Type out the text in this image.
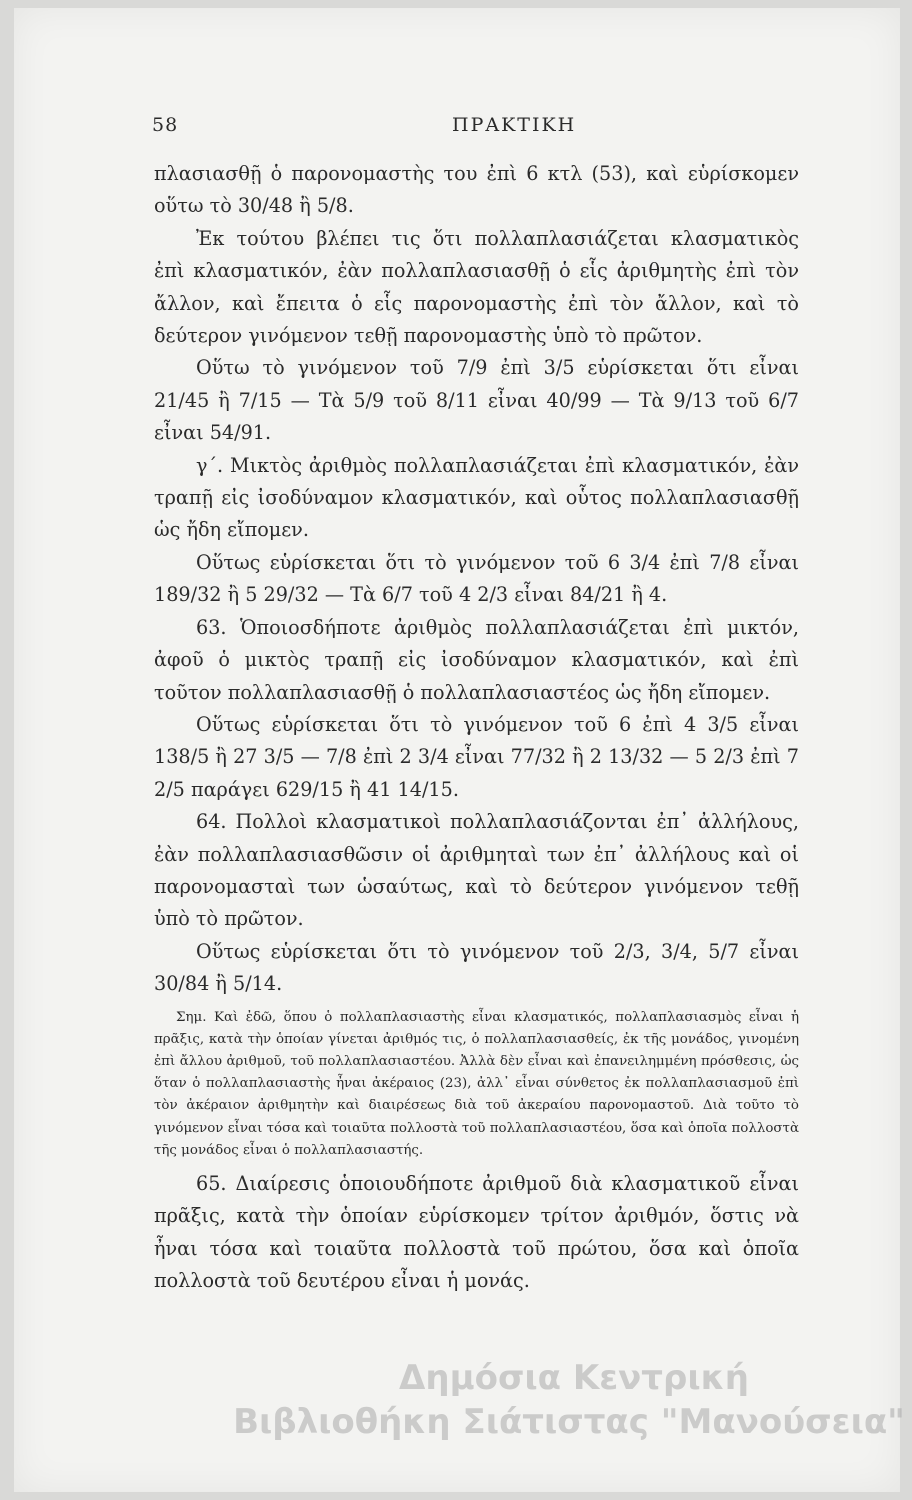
58	ΠΡΑΚΤΙΚΗ

πλασιασθῇ ὁ παρονομαστὴς του ἐπὶ 6 κτλ (53), καὶ εὑρίσκομεν οὕτω τὸ 30/48 ἢ 5/8.

Ἐκ τούτου βλέπει τις ὅτι πολλαπλασιάζεται κλασματικὸς ἐπὶ κλασματικόν, ἐὰν πολλαπλασιασθῇ ὁ εἷς ἀριθμητὴς ἐπὶ τὸν ἄλλον, καὶ ἔπειτα ὁ εἷς παρονομαστὴς ἐπὶ τὸν ἄλλον, καὶ τὸ δεύτερον γινόμενον τεθῇ παρονομαστὴς ὑπὸ τὸ πρῶτον.

Οὕτω τὸ γινόμενον τοῦ 7/9 ἐπὶ 3/5 εὑρίσκεται ὅτι εἶναι 21/45 ἢ 7/15 — Τὰ 5/9 τοῦ 8/11 εἶναι 40/99 — Τὰ 9/13 τοῦ 6/7 εἶναι 54/91.

γ΄. Μικτὸς ἀριθμὸς πολλαπλασιάζεται ἐπὶ κλασματικόν, ἐὰν τραπῇ εἰς ἰσοδύναμον κλασματικόν, καὶ οὗτος πολλαπλασιασθῇ ὡς ἤδη εἴπομεν.

Οὕτως εὑρίσκεται ὅτι τὸ γινόμενον τοῦ 6 3/4 ἐπὶ 7/8 εἶναι 189/32 ἢ 5 29/32 — Τὰ 6/7 τοῦ 4 2/3 εἶναι 84/21 ἢ 4.

63. Ὁποιοσδήποτε ἀριθμὸς πολλαπλασιάζεται ἐπὶ μικτόν, ἀφοῦ ὁ μικτὸς τραπῇ εἰς ἰσοδύναμον κλασματικόν, καὶ ἐπὶ τοῦτον πολλαπλασιασθῇ ὁ πολλαπλασιαστέος ὡς ἤδη εἴπομεν.

Οὕτως εὑρίσκεται ὅτι τὸ γινόμενον τοῦ 6 ἐπὶ 4 3/5 εἶναι 138/5 ἢ 27 3/5 — 7/8 ἐπὶ 2 3/4 εἶναι 77/32 ἢ 2 13/32 — 5 2/3 ἐπὶ 7 2/5 παράγει 629/15 ἢ 41 14/15.

64. Πολλοὶ κλασματικοὶ πολλαπλασιάζονται ἐπ᾽ ἀλλήλους, ἐὰν πολλαπλασιασθῶσιν οἱ ἀριθμηταὶ των ἐπ᾽ ἀλλήλους καὶ οἱ παρονομασταὶ των ὡσαύτως, καὶ τὸ δεύτερον γινόμενον τεθῇ ὑπὸ τὸ πρῶτον.

Οὕτως εὑρίσκεται ὅτι τὸ γινόμενον τοῦ 2/3, 3/4, 5/7 εἶναι 30/84 ἢ 5/14.

Σημ. Καὶ ἐδῶ, ὅπου ὁ πολλαπλασιαστὴς εἶναι κλασματικός, πολλαπλασιασμὸς εἶναι ἡ πρᾶξις, κατὰ τὴν ὁποίαν γίνεται ἀριθμός τις, ὁ πολλαπλασιασθείς, ἐκ τῆς μονάδος, γινομένη ἐπὶ ἄλλου ἀριθμοῦ, τοῦ πολλαπλασιαστέου. Ἀλλὰ δὲν εἶναι καὶ ἐπανειλημμένη πρόσθεσις, ὡς ὅταν ὁ πολλαπλασιαστὴς ἦναι ἀκέραιος (23), ἀλλ᾽ εἶναι σύνθετος ἐκ πολλαπλασιασμοῦ ἐπὶ τὸν ἀκέραιον ἀριθμητὴν καὶ διαιρέσεως διὰ τοῦ ἀκεραίου παρονομαστοῦ. Διὰ τοῦτο τὸ γινόμενον εἶναι τόσα καὶ τοιαῦτα πολλοστὰ τοῦ πολλαπλασιαστέου, ὅσα καὶ ὁποῖα πολλοστὰ τῆς μονάδος εἶναι ὁ πολλαπλασιαστής.

65. Διαίρεσις ὁποιουδήποτε ἀριθμοῦ διὰ κλασματικοῦ εἶναι πρᾶξις, κατὰ τὴν ὁποίαν εὑρίσκομεν τρίτον ἀριθμόν, ὅστις νὰ ἦναι τόσα καὶ τοιαῦτα πολλοστὰ τοῦ πρώτου, ὅσα καὶ ὁποῖα πολλοστὰ τοῦ δευτέρου εἶναι ἡ μονάς.

Δημόσια Κεντρική
Βιβλιοθήκη Σιάτιστας "Μανούσεια"
